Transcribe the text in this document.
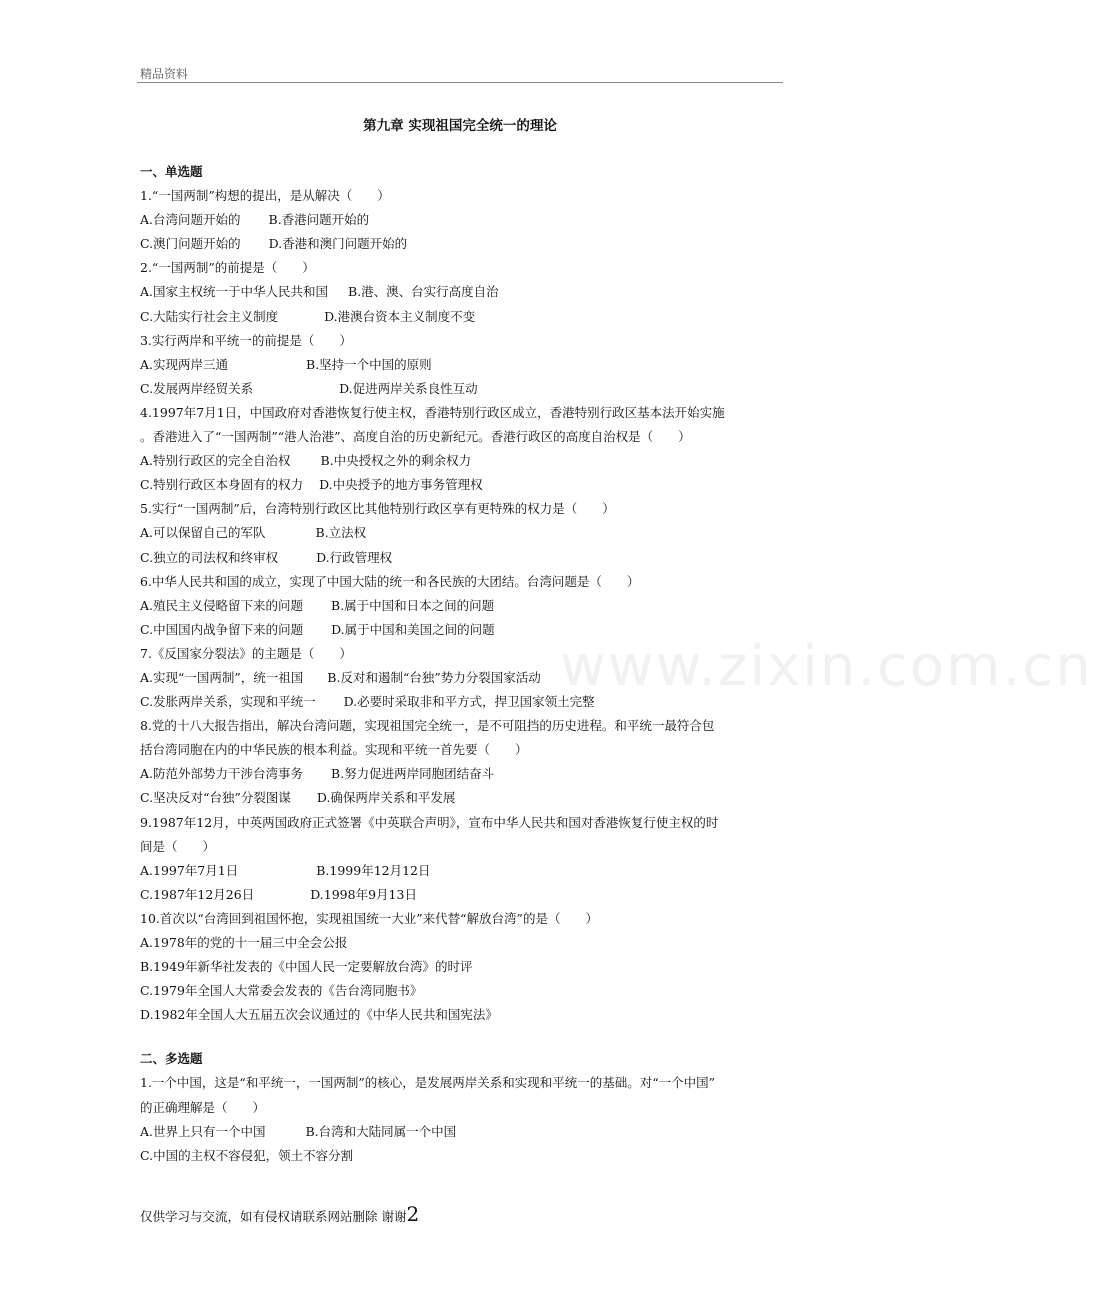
精品资料
www.zixin.com.cn
第九章 实现祖国完全统一的理论
一、单选题
1.“一国两制”构想的提出，是从解决（　　）
A.台湾问题开始的 B.香港问题开始的
C.澳门问题开始的 D.香港和澳门问题开始的
2.“一国两制”的前提是（　　）
A.国家主权统一于中华人民共和国 B.港、澳、台实行高度自治
C.大陆实行社会主义制度	D.港澳台资本主义制度不变
3.实行两岸和平统一的前提是（　　）
A.实现两岸三通	B.坚持一个中国的原则
C.发展两岸经贸关系	D.促进两岸关系良性互动
4.1997年7月1日，中国政府对香港恢复行使主权，香港特别行政区成立，香港特别行政区基本法开始实施
。香港进入了“一国两制”“港人治港”、高度自治的历史新纪元。香港行政区的高度自治权是（　　）
A.特别行政区的完全自治权 B.中央授权之外的剩余权力
C.特别行政区本身固有的权力 D.中央授予的地方事务管理权
5.实行“一国两制”后，台湾特别行政区比其他特别行政区享有更特殊的权力是（　　）
A.可以保留自己的军队	B.立法权
C.独立的司法权和终审权	D.行政管理权
6.中华人民共和国的成立，实现了中国大陆的统一和各民族的大团结。台湾问题是（　　）
A.殖民主义侵略留下来的问题 B.属于中国和日本之间的问题
C.中国国内战争留下来的问题 D.属于中国和美国之间的问题
7.《反国家分裂法》的主题是（　　）
A.实现“一国两制”，统一祖国 B.反对和遏制“台独”势力分裂国家活动
C.发胀两岸关系，实现和平统一 D.必要时采取非和平方式，捍卫国家领土完整
8.党的十八大报告指出，解决台湾问题，实现祖国完全统一，是不可阻挡的历史进程。和平统一最符合包
括台湾同胞在内的中华民族的根本利益。实现和平统一首先要（　　）
A.防范外部势力干涉台湾事务 B.努力促进两岸同胞团结奋斗
C.坚决反对“台独”分裂图谋 D.确保两岸关系和平发展
9.1987年12月，中英两国政府正式签署《中英联合声明》，宣布中华人民共和国对香港恢复行使主权的时
间是（　　）
A.1997年7月1日	B.1999年12月12日
C.1987年12月26日	D.1998年9月13日
10.首次以“台湾回到祖国怀抱，实现祖国统一大业”来代替“解放台湾”的是（　　）
A.1978年的党的十一届三中全会公报
B.1949年新华社发表的《中国人民一定要解放台湾》的时评
C.1979年全国人大常委会发表的《告台湾同胞书》
D.1982年全国人大五届五次会议通过的《中华人民共和国宪法》
二、多选题
1.一个中国，这是“和平统一，一国两制”的核心，是发展两岸关系和实现和平统一的基础。对“一个中国”
的正确理解是（　　）
A.世界上只有一个中国	B.台湾和大陆同属一个中国
C.中国的主权不容侵犯，领土不容分割
仅供学习与交流，如有侵权请联系网站删除 谢谢2
